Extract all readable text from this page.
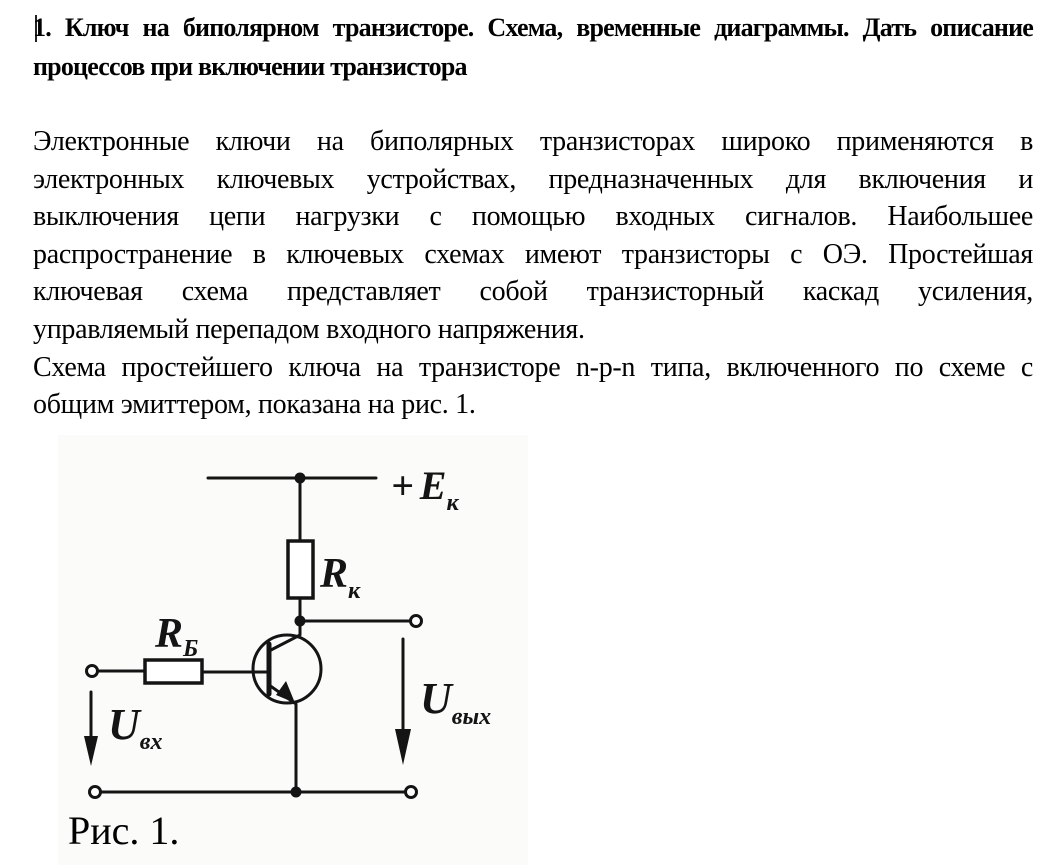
1. Ключ на биполярном транзисторе. Схема, временные диаграммы. Дать описание
процессов при включении транзистора
Электронные ключи на биполярных транзисторах широко применяются в
электронных ключевых устройствах, предназначенных для включения и
выключения цепи нагрузки с помощью входных сигналов. Наибольшее
распространение в ключевых схемах имеют транзисторы с ОЭ. Простейшая
ключевая схема представляет собой транзисторный каскад усиления,
управляемый перепадом входного напряжения.
Схема простейшего ключа на транзисторе n-p-n типа, включенного по схеме с
общим эмиттером, показана на рис. 1.
+ $E_к$
$R_к$
$U_{вых}$
$R_Б$
$U_{вх}$
Рис. 1.
